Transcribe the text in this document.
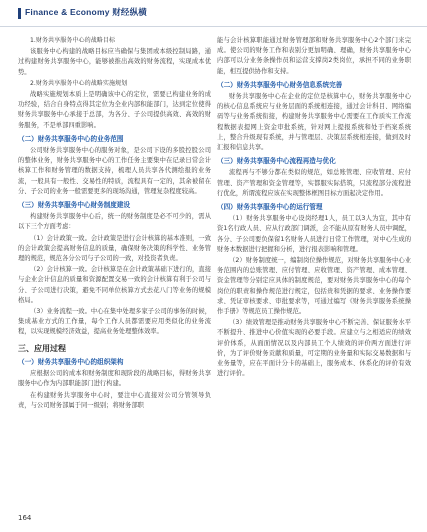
Finance & Economy 财经纵横
1.财务共享服务中心的战略目标

该服务中心构建的战略目标应当确保与集团或本级控制局路，通过构建财务共享服务中心，能够被推出高效的财务流程，实现成本优势。

2.财务共享服务中心的战略实施规划

战略实施规划本质上是明确该中心的定位，需要已构建业务的成功经验，结合自身特点得其定位为全业内部积能部门，达到定位使得财务共享服务中心承接于总部，为各分、子公司提供高效、高效的财务服务，不是单部四重影响。

（二）财务共享服务中心的业务范围

公司财务共享服务中心的服务对象，是公司下设的多股控股公司的整体业务，财务共享服务中心的工作任务主要集中在记录日常会计核算工作和财务管理的数据支持，梳理人员共享各代测绘报的业务流，一般具有一般性、交易性的特质，流程具有一定的，其余被留在分、子公司的业务一般需要更多的现场沟通，管理复杂程度较高。

（三）财务共享服务中心财务制度建设

构建财务共享服务中心后，统一的财务制度是必不可少的，需从以下三个方面考虑：

（1）会计政策一致。会计政策是进行会计核算的基本准则，一致的会计政策会提高财务信息的质量，确保财务决策的科学性、业务管理的规范，规范各分公司与子公司的一致，对投资者负责。

（2）会计核算一致。会计核算是在会计政策基础下进行的，直接与企业会计信息的质量和资源配置交易一致的会计核算有利于公司与分、子公司进行决策，避免不同单位核算方式去花八门等业务的规模格局。

（3）业务流程一致。中心在集中处理多家子公司的事务的时候，集成基业方式的工作量，每个工作人员都需要应用类似化的业务流程，以实现规模经济效益，提高业务处理整体效率。

三、应用过程
（一）财务共享服务中心的组织架构

应根据公司的成本和财务制度和现阶段的战略目标，得财务共享服务中心作为内部职能部门进行构建。

在构建财务共享服务中心时，要注中心直接对公司分管领导负责，与公司财务部属于同一级别；将财务部职

能与会计核算职能通过财务管理部和财务共享服务中心2个部门来完成。使公司的财务工作和表别分更加明确、理确，财务共享服务中心内部可以分业务条操作员和运营支撑岗2类岗位，承担不同的业务职能，相互提供协作和支持。

（二）财务共享服务中心财务信息系统完善

财务共享服务中心在企业的定位是核算中心，财务共享服务中心的核心信息系统应与业务层面的系统相连接，通过会计科目、网络编码等与业务系统衔接，构建财务共享服务中心需要在工作质实工作流程数据表提网上资金审批系统，针对网上提报系统和处于档案系统上，整合升级现有系统，并与管理层、决策层系统相连接，做到及时汇报和信息共享。

（三）财务共享服务中心流程再造与优化

流程再与不够分都在类似的规范，如总账管理、应收管理、应付管理、资产管理和资金管理等，实都服实际搭筑，只流程部分流程进行优化，所谓流程应该在实现整体框图目标方面起决定作用。

（四）财务共享服务中心的运行管理

（1）财务共享服务中心设岗经理1人，员工以3人为宜，其中有资1名行政人员、应从行政部门调派，会不能从原有财务人员中调配，各分、子公司要负保留1名财务人员进行日常工作管理，对中心生成的财务本数据进行把握和分析，进行报表影响和管理。

（2）财务制度统一，编制岗位操作规范，对财务共享服务中心业务范围内的总账管理、应付管理、应收管理、资产管理、成本管理、资金管理等分别定应具体的制度规范，要对财务共享服务中心的每个岗位的职责和操作规范进行规定，包括贵和凭据的要求、业务操作要求、凭证审核要求、审批要求等，可通过编写《财务共享服务系统操作手册》等规范员工操作规范。

（3）绩效管理是推动财务共享服务中心不断完善、保证服务水平不断提升、推进中心价值实现的必要手段。应建立与之相适应的绩效评价体系，从面面情况以及内部员工个人绩效的评价两方面进行评价，为了评价财务贡献和质量，可定期的业务量和实际交易数据和与业务量等，应在平面计分卡的基础上，服务成本、休系化的评价有效进行评价。

164
